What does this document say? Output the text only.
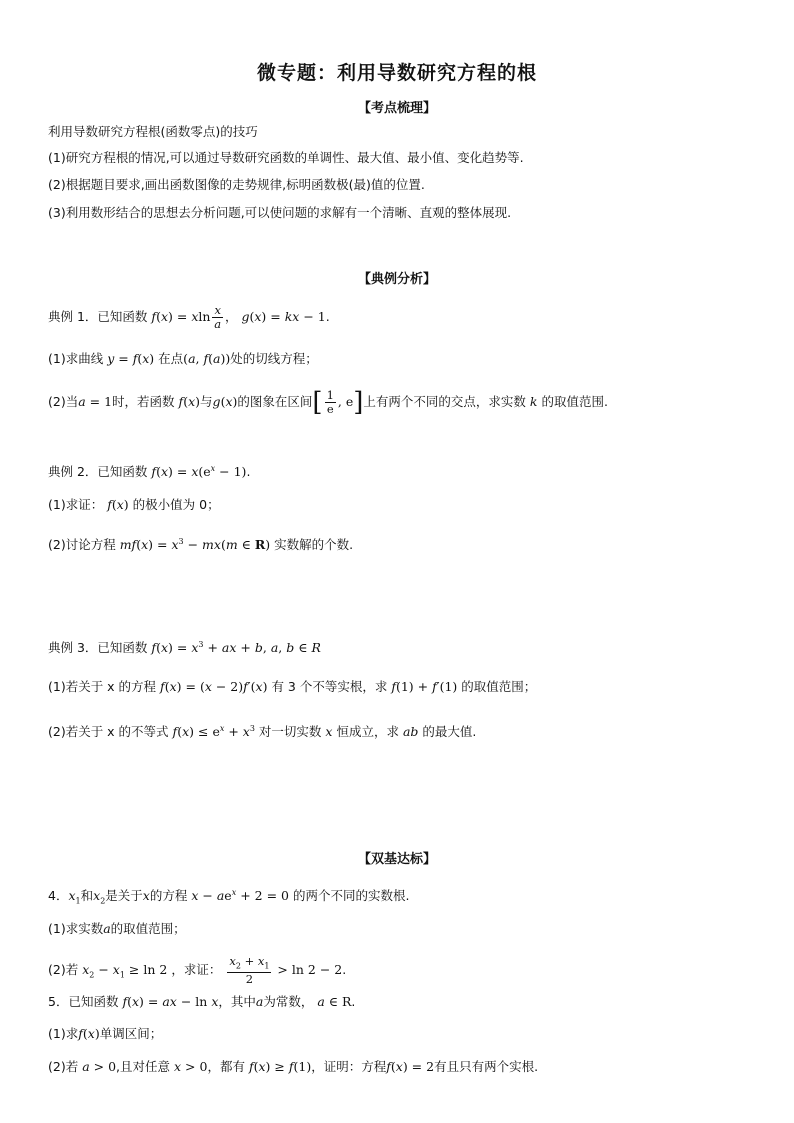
微专题：利用导数研究方程的根
【考点梳理】
利用导数研究方程根(函数零点)的技巧
(1)研究方程根的情况,可以通过导数研究函数的单调性、最大值、最小值、变化趋势等.
(2)根据题目要求,画出函数图像的走势规律,标明函数极(最)值的位置.
(3)利用数形结合的思想去分析问题,可以使问题的求解有一个清晰、直观的整体展现.
【典例分析】
典例 1．已知函数 f(x) = xln $\frac{x}{a}$ ， g(x) = kx − 1.
(1)求曲线 y = f(x) 在点(a, f(a))处的切线方程；
(2)当a = 1时，若函数 f(x)与g(x)的图象在区间[ $\frac{1}{e}$ , e]上有两个不同的交点，求实数 k 的取值范围.
典例 2．已知函数 $f(x) = x(e^x - 1)$.
(1)求证： f(x) 的极小值为 0；
(2)讨论方程 $mf(x) = x^3 - mx(m$ ∈ R) 实数解的个数.
典例 3．已知函数 $f(x) = x^3$ + ax + b, a, b ∈ R
(1)若关于 x 的方程 f(x) = (x − 2)f′(x) 有 3 个不等实根，求 f(1) + f′(1) 的取值范围；
(2)若关于 x 的不等式 $f(x) \le e^x + x^3$ 对一切实数 x 恒成立，求 ab 的最大值.
【双基达标】
4．$x_1$和$x_2$是关于x的方程 $x - ae^x + 2 = 0$ 的两个不同的实数根.
(1)求实数a的取值范围；
(2)若 $x_2 - x_1 \ge \ln 2$ ，求证： $\frac{x_2 + x_1}{2} > \ln 2 - 2$.
5．已知函数 f(x) = ax − ln x，其中a为常数， a ∈ R.
(1)求f(x)单调区间；
(2)若 a > 0,且对任意 x > 0，都有 f(x) ≥ f(1)，证明：方程f(x) = 2有且只有两个实根.
